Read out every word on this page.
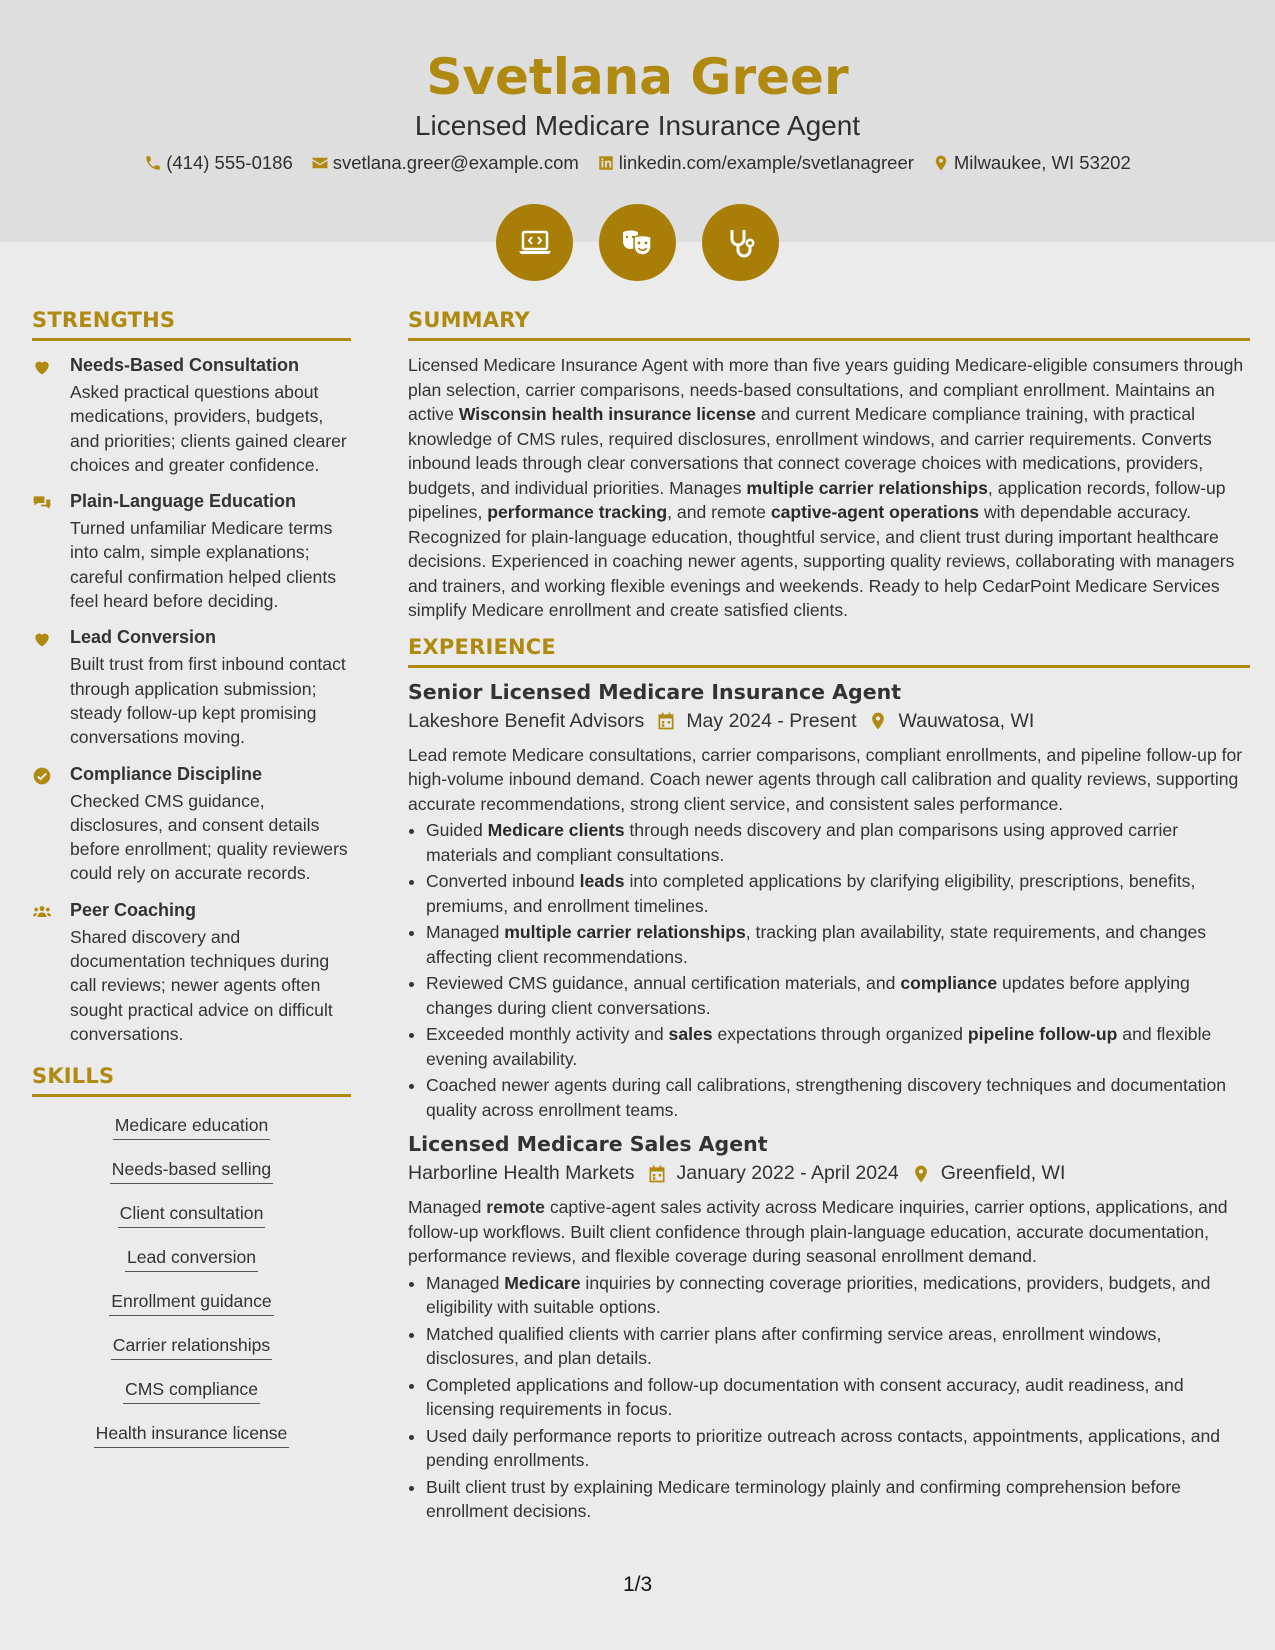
Svetlana Greer
Licensed Medicare Insurance Agent
(414) 555-0186 svetlana.greer@example.com linkedin.com/example/svetlanagreer Milwaukee, WI 53202
STRENGTHS
Needs-Based Consultation
Asked practical questions about medications, providers, budgets, and priorities; clients gained clearer choices and greater confidence.
Plain-Language Education
Turned unfamiliar Medicare terms into calm, simple explanations; careful confirmation helped clients feel heard before deciding.
Lead Conversion
Built trust from first inbound contact through application submission; steady follow-up kept promising conversations moving.
Compliance Discipline
Checked CMS guidance, disclosures, and consent details before enrollment; quality reviewers could rely on accurate records.
Peer Coaching
Shared discovery and documentation techniques during call reviews; newer agents often sought practical advice on difficult conversations.
SKILLS
Medicare education
Needs-based selling
Client consultation
Lead conversion
Enrollment guidance
Carrier relationships
CMS compliance
Health insurance license
SUMMARY

Licensed Medicare Insurance Agent with more than five years guiding Medicare-eligible consumers through plan selection, carrier comparisons, needs-based consultations, and compliant enrollment. Maintains an active Wisconsin health insurance license and current Medicare compliance training, with practical knowledge of CMS rules, required disclosures, enrollment windows, and carrier requirements. Converts inbound leads through clear conversations that connect coverage choices with medications, providers, budgets, and individual priorities. Manages multiple carrier relationships, application records, follow-up pipelines, performance tracking, and remote captive-agent operations with dependable accuracy. Recognized for plain-language education, thoughtful service, and client trust during important healthcare decisions. Experienced in coaching newer agents, supporting quality reviews, collaborating with managers and trainers, and working flexible evenings and weekends. Ready to help CedarPoint Medicare Services simplify Medicare enrollment and create satisfied clients.

EXPERIENCE
Senior Licensed Medicare Insurance Agent
Lakeshore Benefit Advisors May 2024 - Present Wauwatosa, WI
Lead remote Medicare consultations, carrier comparisons, compliant enrollments, and pipeline follow-up for high-volume inbound demand. Coach newer agents through call calibration and quality reviews, supporting accurate recommendations, strong client service, and consistent sales performance.
• Guided Medicare clients through needs discovery and plan comparisons using approved carrier materials and compliant consultations.
• Converted inbound leads into completed applications by clarifying eligibility, prescriptions, benefits, premiums, and enrollment timelines.
• Managed multiple carrier relationships, tracking plan availability, state requirements, and changes affecting client recommendations.
• Reviewed CMS guidance, annual certification materials, and compliance updates before applying changes during client conversations.
• Exceeded monthly activity and sales expectations through organized pipeline follow-up and flexible evening availability.
• Coached newer agents during call calibrations, strengthening discovery techniques and documentation quality across enrollment teams.
Licensed Medicare Sales Agent
Harborline Health Markets January 2022 - April 2024 Greenfield, WI
Managed remote captive-agent sales activity across Medicare inquiries, carrier options, applications, and follow-up workflows. Built client confidence through plain-language education, accurate documentation, performance reviews, and flexible coverage during seasonal enrollment demand.
• Managed Medicare inquiries by connecting coverage priorities, medications, providers, budgets, and eligibility with suitable options.
• Matched qualified clients with carrier plans after confirming service areas, enrollment windows, disclosures, and plan details.
• Completed applications and follow-up documentation with consent accuracy, audit readiness, and licensing requirements in focus.
• Used daily performance reports to prioritize outreach across contacts, appointments, applications, and pending enrollments.
• Built client trust by explaining Medicare terminology plainly and confirming comprehension before enrollment decisions.
1/3
